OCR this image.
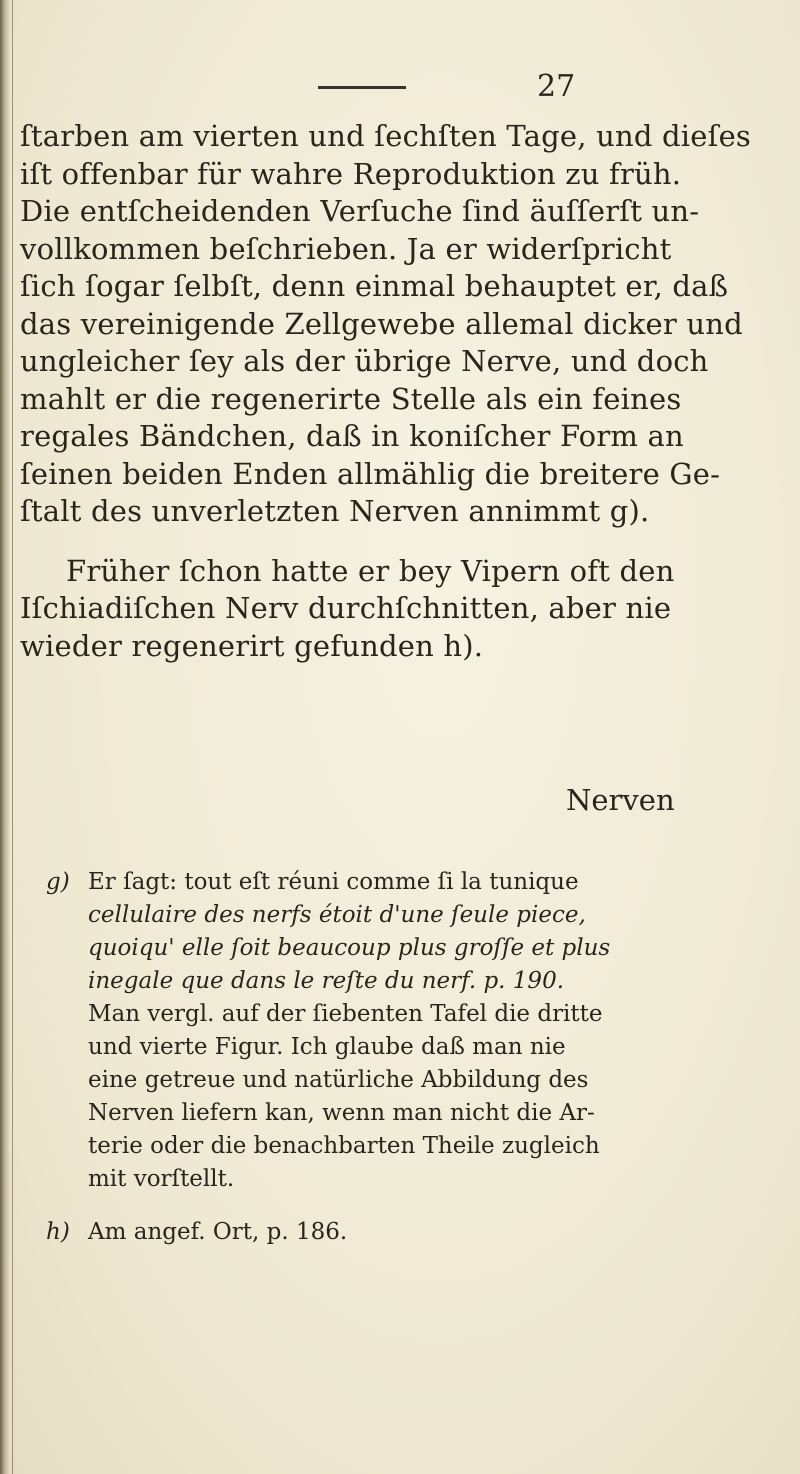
27
ſtarben am vierten und ſechſten Tage, und dieſes
iſt offenbar für wahre Reproduktion zu früh.
Die entſcheidenden Verſuche ſind äuſſerſt un-
vollkommen beſchrieben. Ja er widerſpricht
ſich ſogar ſelbſt, denn einmal behauptet er, daß
das vereinigende Zellgewebe allemal dicker und
ungleicher ſey als der übrige Nerve, und doch
mahlt er die regenerirte Stelle als ein feines
regales Bändchen, daß in koniſcher Form an
ſeinen beiden Enden allmählig die breitere Ge-
ſtalt des unverletzten Nerven annimmt g).
Früher ſchon hatte er bey Vipern oft den
Iſchiadiſchen Nerv durchſchnitten, aber nie
wieder regenerirt gefunden h).
Nerven
g) Er ſagt: tout eſt réuni comme ſi la tunique
cellulaire des nerfs étoit d'une ſeule piece,
quoiqu' elle ſoit beaucoup plus groſſe et plus
inegale que dans le reſte du nerf. p. 190.
Man vergl. auf der ſiebenten Tafel die dritte
und vierte Figur. Ich glaube daß man nie
eine getreue und natürliche Abbildung des
Nerven liefern kan, wenn man nicht die Ar-
terie oder die benachbarten Theile zugleich
mit vorſtellt.
h) Am angef. Ort, p. 186.
